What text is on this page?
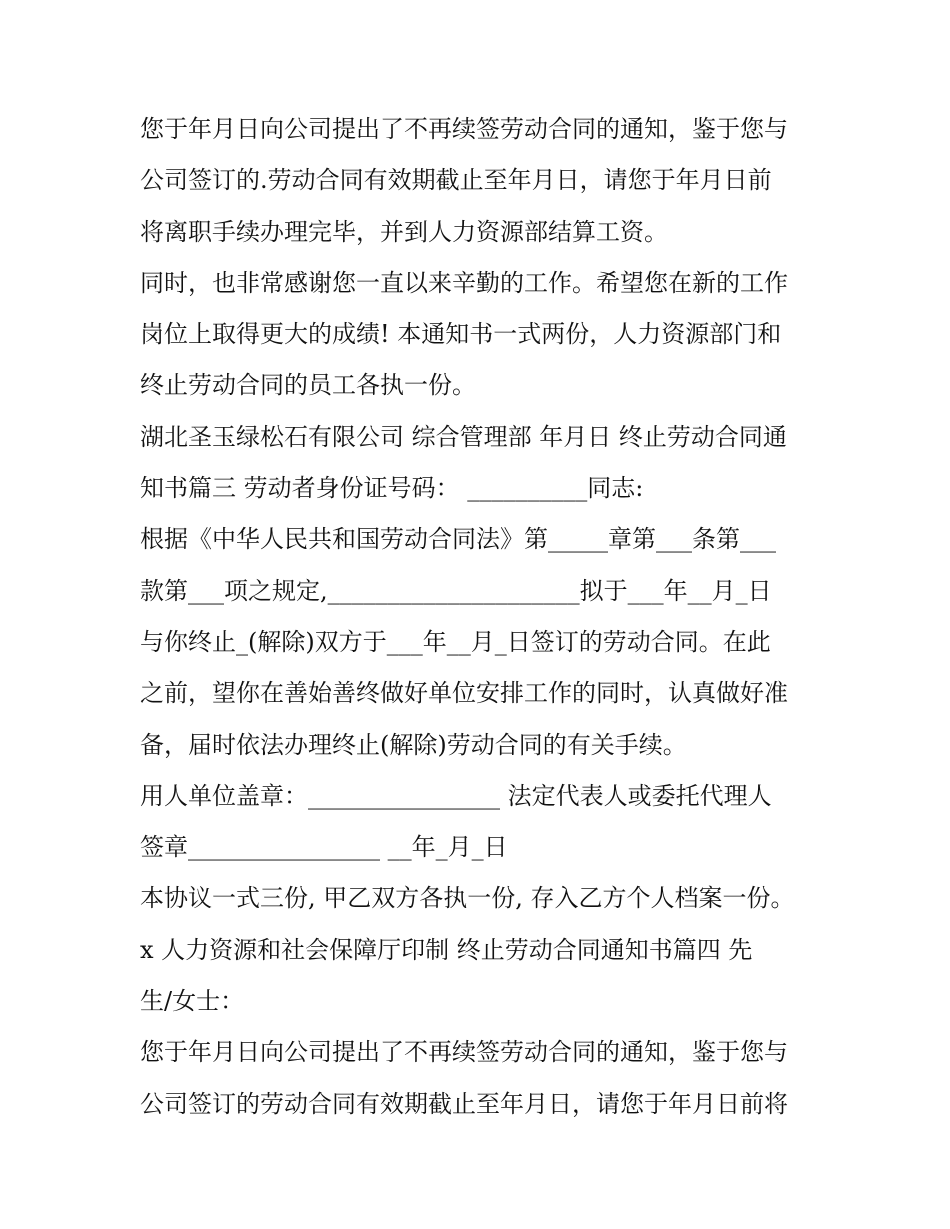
您于年月日向公司提出了不再续签劳动合同的通知，鉴于您与
公司签订的.劳动合同有效期截止至年月日，请您于年月日前
将离职手续办理完毕，并到人力资源部结算工资。
同时，也非常感谢您一直以来辛勤的工作。希望您在新的工作
岗位上取得更大的成绩! 本通知书一式两份，人力资源部门和
终止劳动合同的员工各执一份。
湖北圣玉绿松石有限公司 综合管理部 年月日 终止劳动合同通
知书篇三 劳动者身份证号码： __________同志:
根据《中华人民共和国劳动合同法》第_____章第___条第___
款第___项之规定,_____________________拟于___年__月_日
与你终止_(解除)双方于___年__月_日签订的劳动合同。在此
之前，望你在善始善终做好单位安排工作的同时，认真做好准
备，届时依法办理终止(解除)劳动合同的有关手续。
用人单位盖章：________________ 法定代表人或委托代理人
签章________________ __年_月_日
本协议一式三份, 甲乙双方各执一份, 存入乙方个人档案一份。
x 人力资源和社会保障厅印制 终止劳动合同通知书篇四 先
生/女士：
您于年月日向公司提出了不再续签劳动合同的通知，鉴于您与
公司签订的劳动合同有效期截止至年月日，请您于年月日前将
